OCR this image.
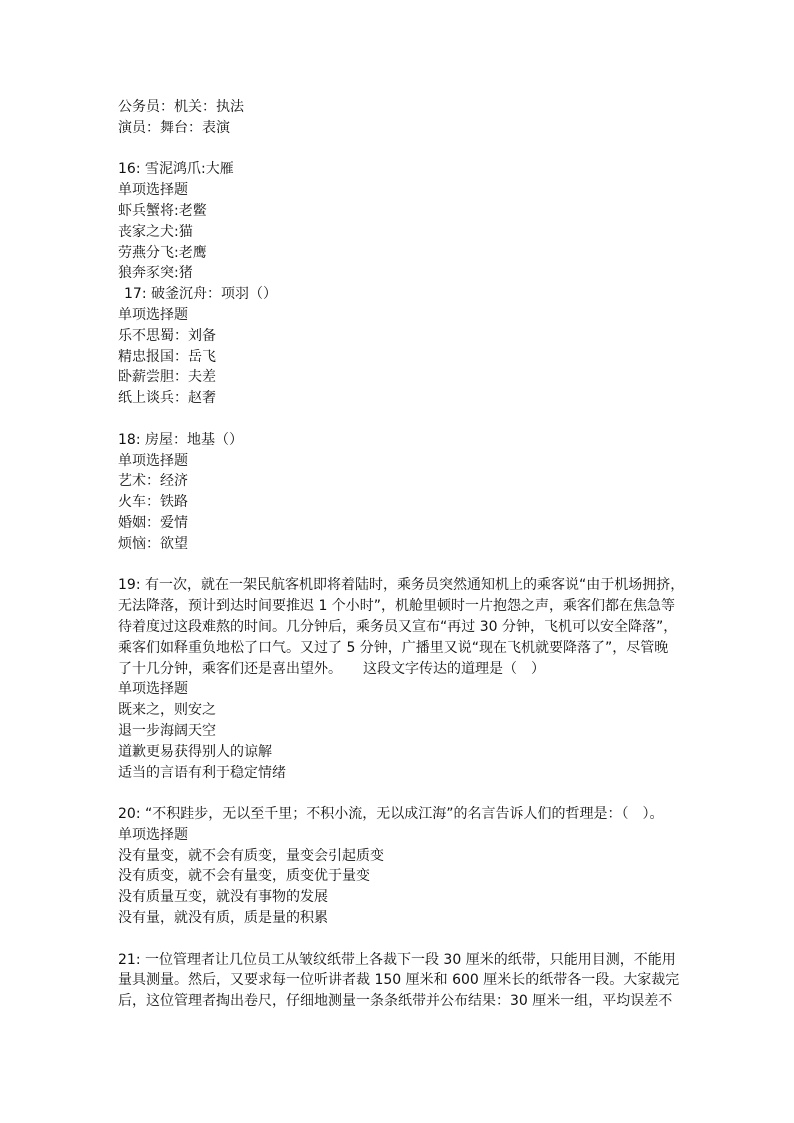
公务员：机关：执法
演员：舞台：表演
16: 雪泥鸿爪:大雁
单项选择题
虾兵蟹将:老鳖
丧家之犬:猫
劳燕分飞:老鹰
狼奔豕突:猪
17: 破釜沉舟：项羽（）
单项选择题
乐不思蜀：刘备
精忠报国：岳飞
卧薪尝胆：夫差
纸上谈兵：赵奢
18: 房屋：地基（）
单项选择题
艺术：经济
火车：铁路
婚姻：爱情
烦恼：欲望
19: 有一次，就在一架民航客机即将着陆时，乘务员突然通知机上的乘客说“由于机场拥挤，
无法降落，预计到达时间要推迟 1 个小时”，机舱里顿时一片抱怨之声，乘客们都在焦急等
待着度过这段难熬的时间。几分钟后，乘务员又宣布“再过 30 分钟，飞机可以安全降落”，
乘客们如释重负地松了口气。又过了 5 分钟，广播里又说“现在飞机就要降落了”，尽管晚
了十几分钟，乘客们还是喜出望外。　　这段文字传达的道理是（　）
单项选择题
既来之，则安之
退一步海阔天空
道歉更易获得别人的谅解
适当的言语有利于稳定情绪
20: “不积跬步，无以至千里；不积小流，无以成江海”的名言告诉人们的哲理是：（　）。
单项选择题
没有量变，就不会有质变，量变会引起质变
没有质变，就不会有量变，质变优于量变
没有质量互变，就没有事物的发展
没有量，就没有质，质是量的积累
21: 一位管理者让几位员工从皱纹纸带上各裁下一段 30 厘米的纸带，只能用目测，不能用
量具测量。然后，又要求每一位听讲者裁 150 厘米和 600 厘米长的纸带各一段。大家裁完
后，这位管理者掏出卷尺，仔细地测量一条条纸带并公布结果：30 厘米一组，平均误差不
